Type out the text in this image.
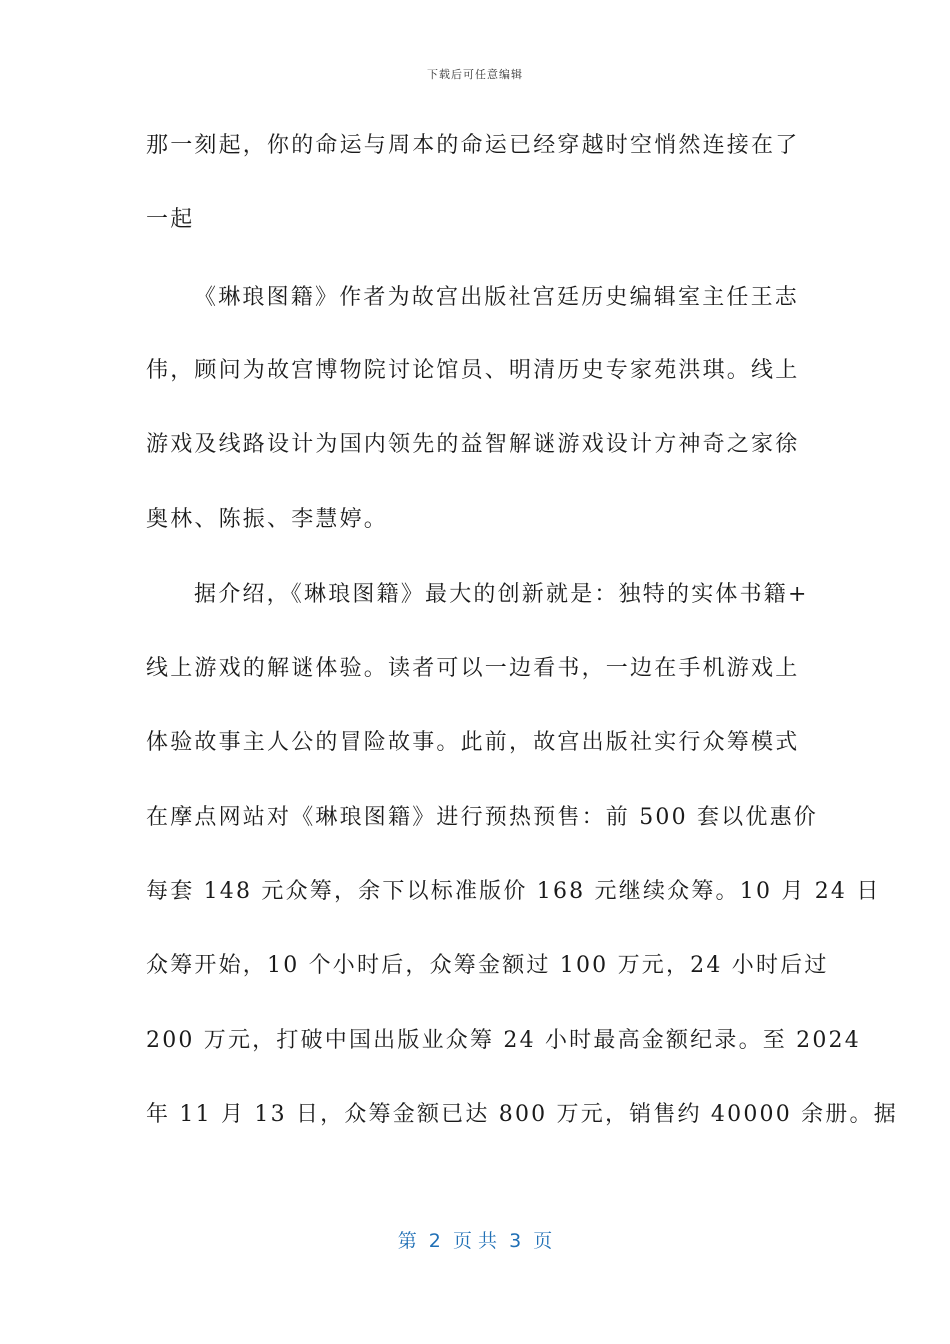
下载后可任意编辑
那一刻起，你的命运与周本的命运已经穿越时空悄然连接在了
一起
《琳琅图籍》作者为故宫出版社宫廷历史编辑室主任王志
伟，顾问为故宫博物院讨论馆员、明清历史专家苑洪琪。线上
游戏及线路设计为国内领先的益智解谜游戏设计方神奇之家徐
奥林、陈振、李慧婷。
据介绍，《琳琅图籍》最大的创新就是：独特的实体书籍+
线上游戏的解谜体验。读者可以一边看书，一边在手机游戏上
体验故事主人公的冒险故事。此前，故宫出版社实行众筹模式
在摩点网站对《琳琅图籍》进行预热预售：前 500 套以优惠价
每套 148 元众筹，余下以标准版价 168 元继续众筹。10 月 24 日
众筹开始，10 个小时后，众筹金额过 100 万元，24 小时后过
200 万元，打破中国出版业众筹 24 小时最高金额纪录。至 2024
年 11 月 13 日，众筹金额已达 800 万元，销售约 40000 余册。据
第  2  页 共  3  页
